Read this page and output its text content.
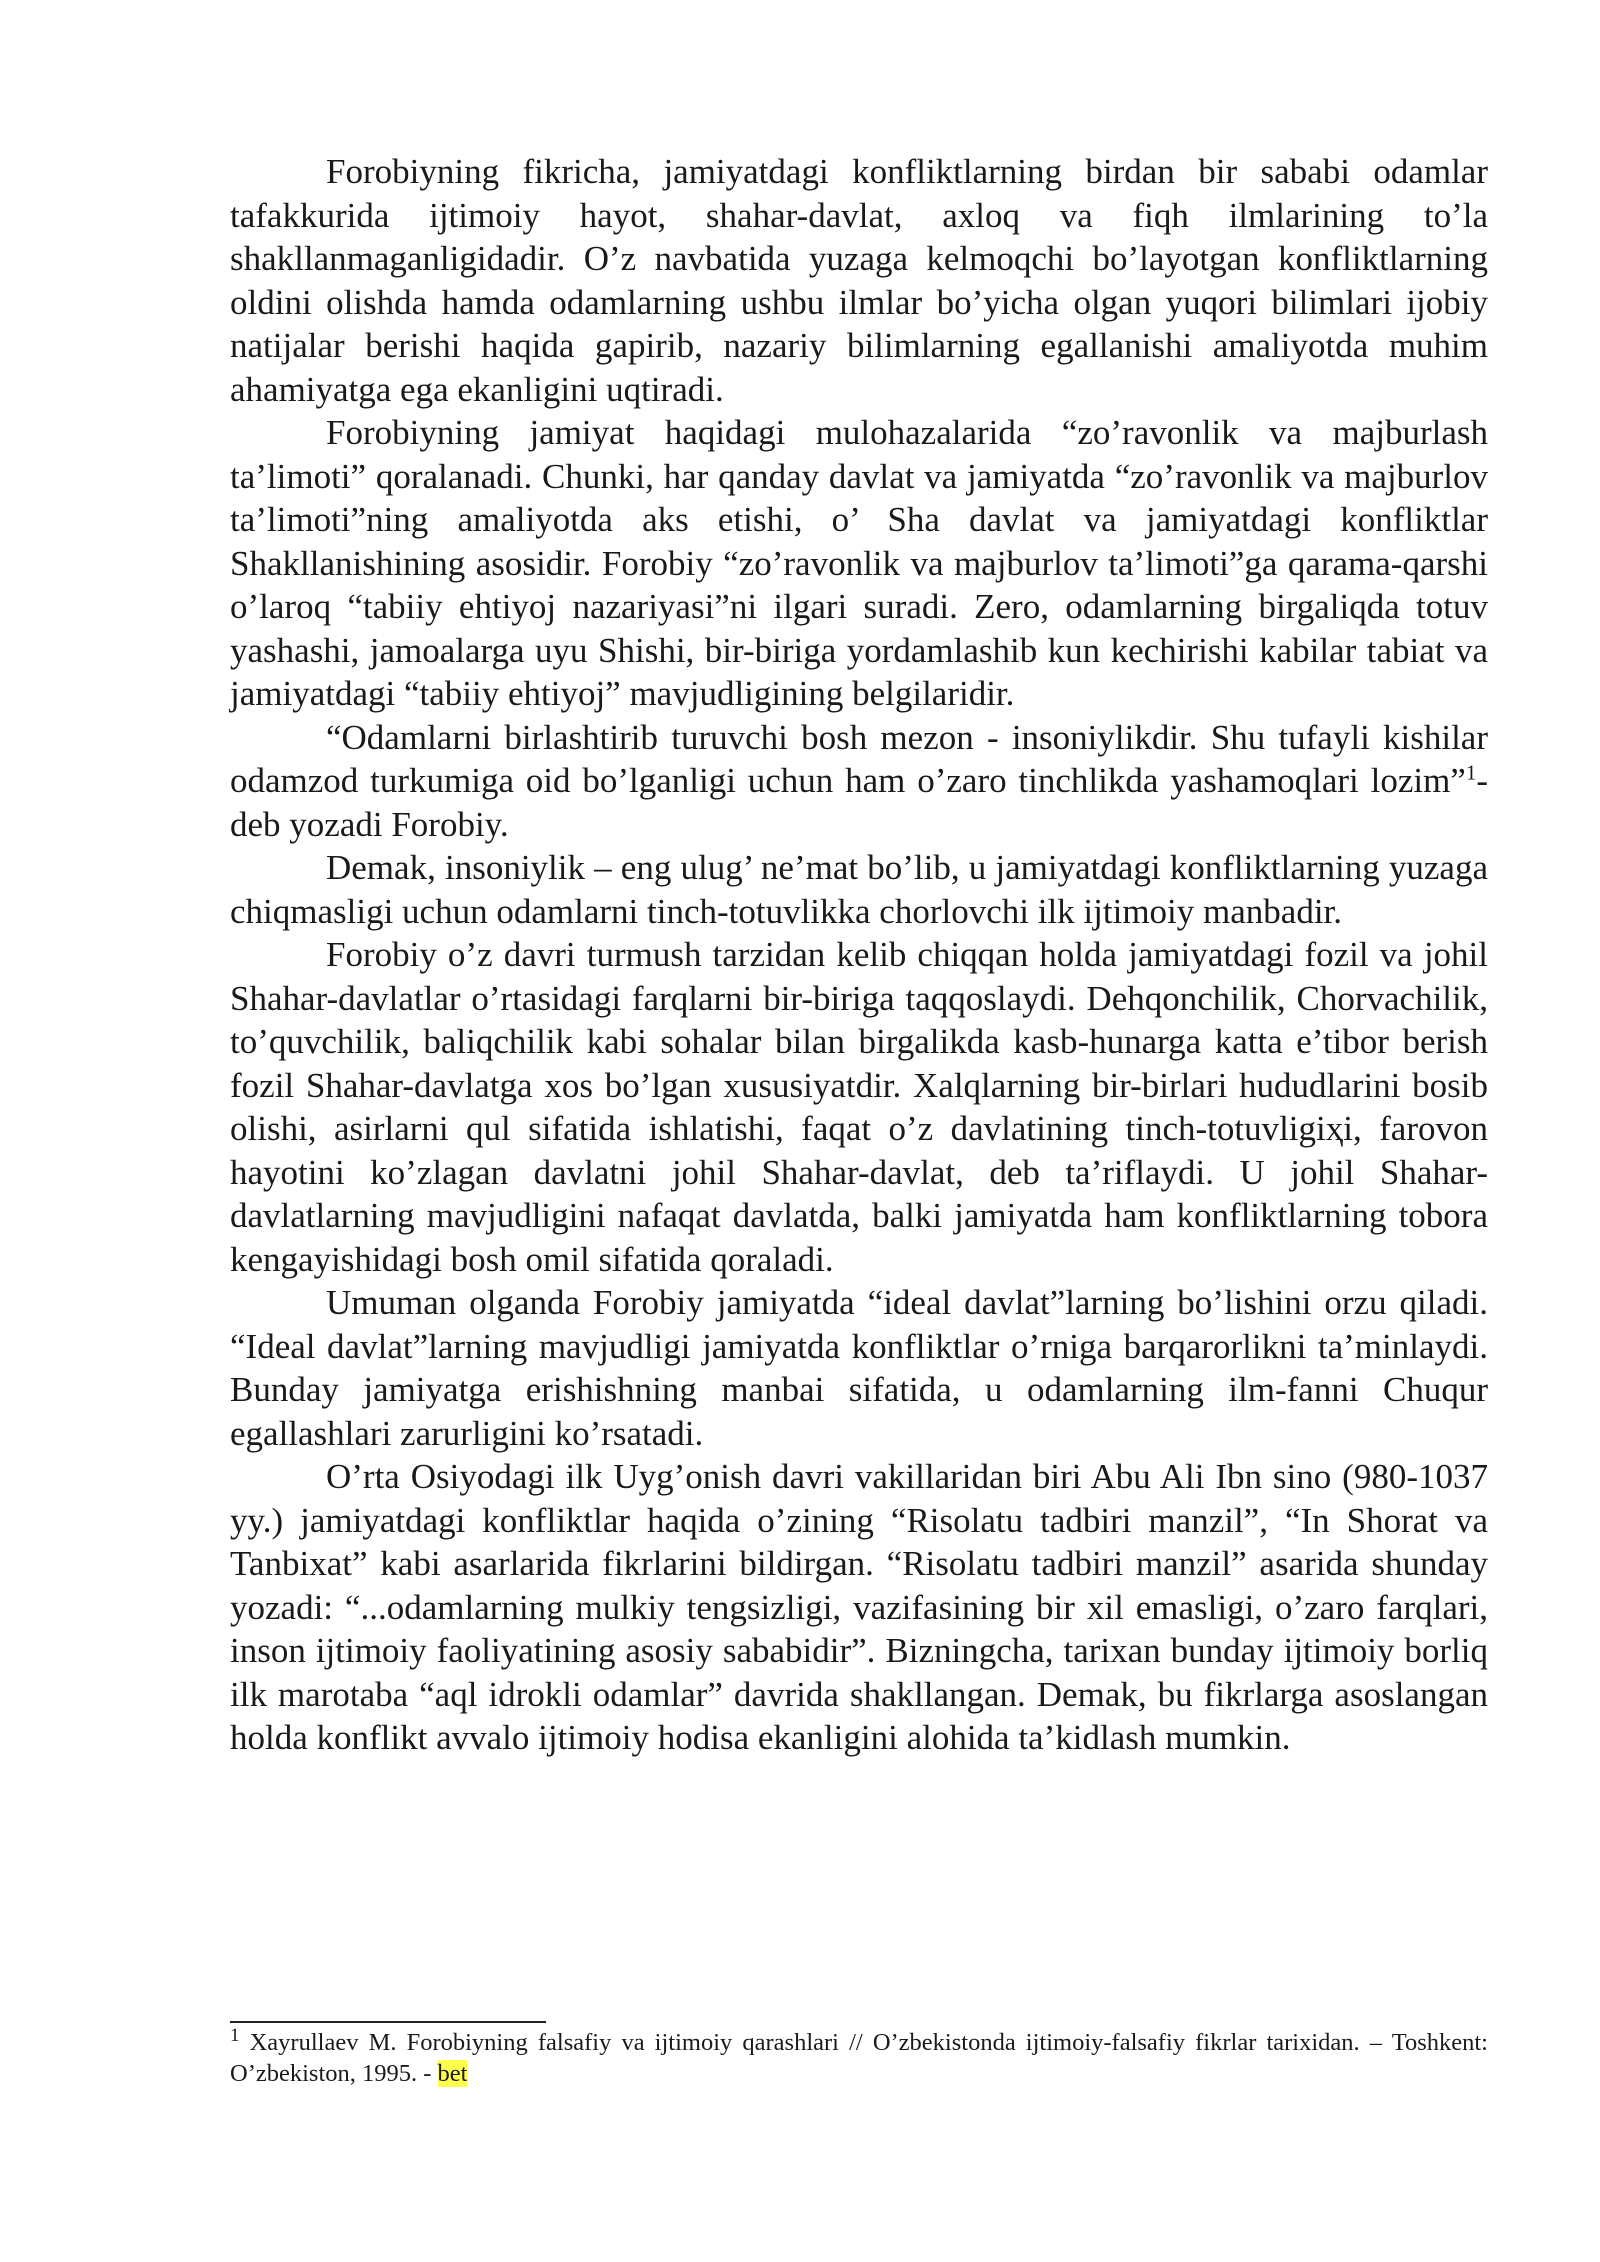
Forobiyning fikricha, jamiyatdagi konfliktlarning birdan bir sababi odamlar tafakkurida ijtimoiy hayot, shahar-davlat, axloq va fiqh ilmlarining to’la shakllanmaganligidadir. O’z navbatida yuzaga kelmoqchi bo’layotgan konfliktlarning oldini olishda hamda odamlarning ushbu ilmlar bo’yicha olgan yuqori bilimlari ijobiy natijalar berishi haqida gapirib, nazariy bilimlarning egallanishi amaliyotda muhim ahamiyatga ega ekanligini uqtiradi.

Forobiyning jamiyat haqidagi mulohazalarida “zo’ravonlik va majburlash ta’limoti” qoralanadi. Chunki, har qanday davlat va jamiyatda “zo’ravonlik va majburlov ta’limoti”ning amaliyotda aks etishi, o’ Sha davlat va jamiyatdagi konfliktlar Shakllanishining asosidir. Forobiy “zo’ravonlik va majburlov ta’limoti”ga qarama-qarshi o’laroq “tabiiy ehtiyoj nazariyasi”ni ilgari suradi. Zero, odamlarning birgaliqda totuv yashashi, jamoalarga uyu Shishi, bir-biriga yordamlashib kun kechirishi kabilar tabiat va jamiyatdagi “tabiiy ehtiyoj” mavjudligining belgilaridir.

“Odamlarni birlashtirib turuvchi bosh mezon - insoniylikdir. Shu tufayli kishilar odamzod turkumiga oid bo’lganligi uchun ham o’zaro tinchlikda yashamoqlari lozim”$^1$-deb yozadi Forobiy.

Demak, insoniylik – eng ulug’ ne’mat bo’lib, u jamiyatdagi konfliktlarning yuzaga chiqmasligi uchun odamlarni tinch-totuvlikka chorlovchi ilk ijtimoiy manbadir.

Forobiy o’z davri turmush tarzidan kelib chiqqan holda jamiyatdagi fozil va johil Shahar-davlatlar o’rtasidagi farqlarni bir-biriga taqqoslaydi. Dehqonchilik, Chorvachilik, to’quvchilik, baliqchilik kabi sohalar bilan birgalikda kasb-hunarga katta e’tibor berish fozil Shahar-davlatga xos bo’lgan xususiyatdir. Xalqlarning bir-birlari hududlarini bosib olishi, asirlarni qul sifatida ishlatishi, faqat o’z davlatining tinch-totuvligiҳi, farovon hayotini ko’zlagan davlatni johil Shahar-davlat, deb ta’riflaydi. U johil Shahar-davlatlarning mavjudligini nafaqat davlatda, balki jamiyatda ham konfliktlarning tobora kengayishidagi bosh omil sifatida qoraladi.

Umuman olganda Forobiy jamiyatda “ideal davlat”larning bo’lishini orzu qiladi. “Ideal davlat”larning mavjudligi jamiyatda konfliktlar o’rniga barqarorlikni ta’minlaydi. Bunday jamiyatga erishishning manbai sifatida, u odamlarning ilm-fanni Chuqur egallashlari zarurligini ko’rsatadi.

O’rta Osiyodagi ilk Uyg’onish davri vakillaridan biri Abu Ali Ibn sino (980-1037 yy.) jamiyatdagi konfliktlar haqida o’zining “Risolatu tadbiri manzil”, “In Shorat va Tanbixat” kabi asarlarida fikrlarini bildirgan. “Risolatu tadbiri manzil” asarida shunday yozadi: “...odamlarning mulkiy tengsizligi, vazifasining bir xil emasligi, o’zaro farqlari, inson ijtimoiy faoliyatining asosiy sababidir”. Bizningcha, tarixan bunday ijtimoiy borliq ilk marotaba “aql idrokli odamlar” davrida shakllangan. Demak, bu fikrlarga asoslangan holda konflikt avvalo ijtimoiy hodisa ekanligini alohida ta’kidlash mumkin.

$^1$ Xayrullaev M. Forobiyning falsafiy va ijtimoiy qarashlari // O’zbekistonda ijtimoiy-falsafiy fikrlar tarixidan. – Toshkent: O’zbekiston, 1995. - bet
